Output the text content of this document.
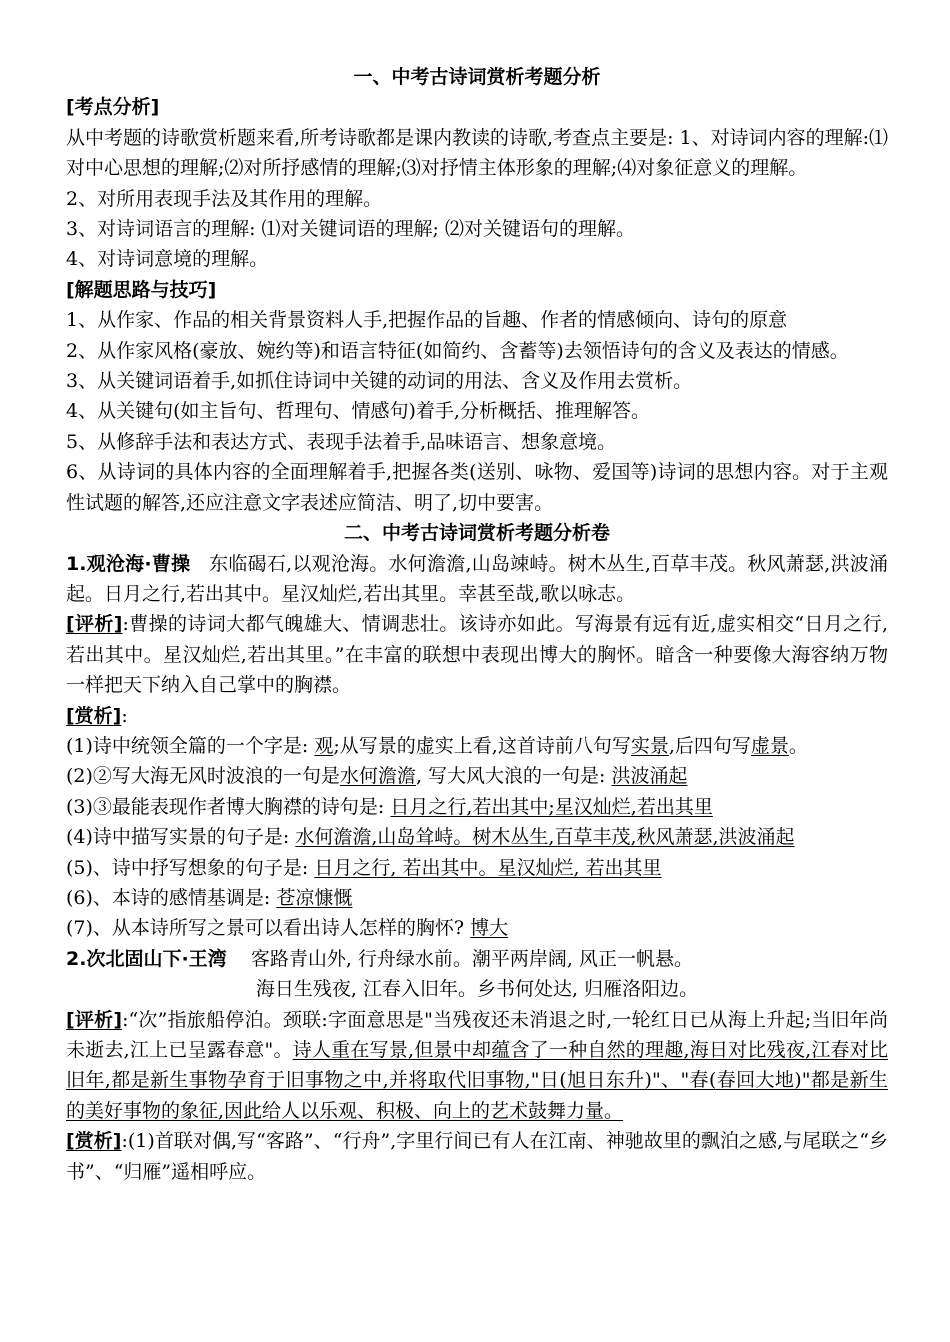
一、中考古诗词赏析考题分析
[考点分析]

从中考题的诗歌赏析题来看,所考诗歌都是课内教读的诗歌,考查点主要是: 1、对诗词内容的理解:⑴对中心思想的理解;⑵对所抒感情的理解;⑶对抒情主体形象的理解;⑷对象征意义的理解。

2、对所用表现手法及其作用的理解。

3、对诗词语言的理解: ⑴对关键词语的理解; ⑵对关键语句的理解。

4、对诗词意境的理解。

[解题思路与技巧]

1、从作家、作品的相关背景资料人手,把握作品的旨趣、作者的情感倾向、诗句的原意

2、从作家风格(豪放、婉约等)和语言特征(如简约、含蓄等)去领悟诗句的含义及表达的情感。

3、从关键词语着手,如抓住诗词中关键的动词的用法、含义及作用去赏析。

4、从关键句(如主旨句、哲理句、情感句)着手,分析概括、推理解答。

5、从修辞手法和表达方式、表现手法着手,品味语言、想象意境。

6、从诗词的具体内容的全面理解着手,把握各类(送别、咏物、爱国等)诗词的思想内容。对于主观性试题的解答,还应注意文字表述应简洁、明了,切中要害。

二、中考古诗词赏析考题分析卷

1.观沧海·曹操 东临碣石,以观沧海。水何澹澹,山岛竦峙。树木丛生,百草丰茂。秋风萧瑟,洪波涌起。日月之行,若出其中。星汉灿烂,若出其里。幸甚至哉,歌以咏志。

[评析]:曹操的诗词大都气魄雄大、情调悲壮。该诗亦如此。写海景有远有近,虚实相交“日月之行,若出其中。星汉灿烂,若出其里。”在丰富的联想中表现出博大的胸怀。暗含一种要像大海容纳万物一样把天下纳入自己掌中的胸襟。

[赏析]:

(1)诗中统领全篇的一个字是: 观;从写景的虚实上看,这首诗前八句写实景,后四句写虚景。

(2)②写大海无风时波浪的一句是水何澹澹, 写大风大浪的一句是: 洪波涌起

(3)③最能表现作者博大胸襟的诗句是: 日月之行,若出其中;星汉灿烂,若出其里

(4)诗中描写实景的句子是: 水何澹澹,山岛耸峙。树木丛生,百草丰茂,秋风萧瑟,洪波涌起

(5)、诗中抒写想象的句子是: 日月之行, 若出其中。星汉灿烂, 若出其里

(6)、本诗的感情基调是: 苍凉慷慨

(7)、从本诗所写之景可以看出诗人怎样的胸怀? 博大

2.次北固山下·王湾 客路青山外, 行舟绿水前。潮平两岸阔, 风正一帆悬。

海日生残夜, 江春入旧年。乡书何处达, 归雁洛阳边。

[评析]:“次”指旅船停泊。颈联:字面意思是"当残夜还未消退之时,一轮红日已从海上升起;当旧年尚未逝去,江上已呈露春意"。诗人重在写景,但景中却蕴含了一种自然的理趣,海日对比残夜,江春对比旧年,都是新生事物孕育于旧事物之中,并将取代旧事物,"日(旭日东升)"、"春(春回大地)"都是新生的美好事物的象征,因此给人以乐观、积极、向上的艺术鼓舞力量。

[赏析]:(1)首联对偶,写“客路”、“行舟”,字里行间已有人在江南、神驰故里的飘泊之感,与尾联之“乡书”、“归雁”遥相呼应。
